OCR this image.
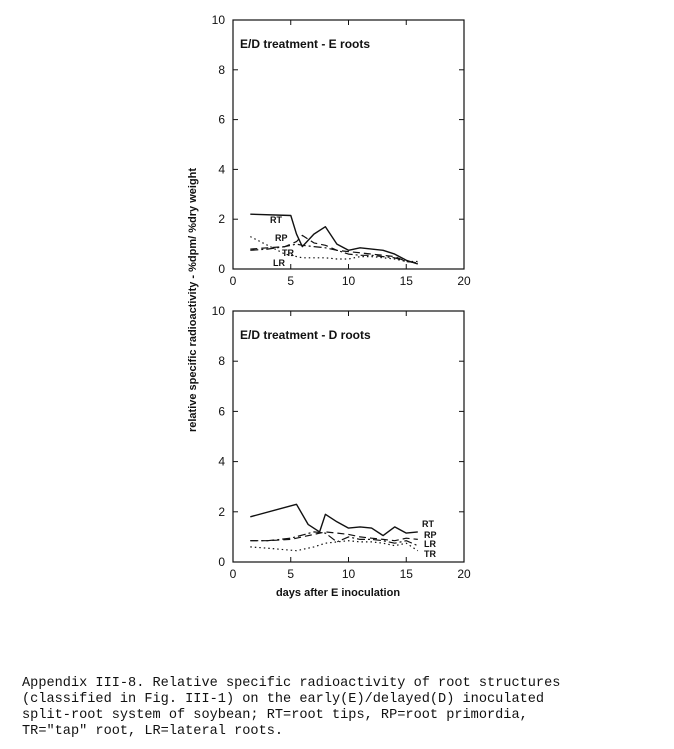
0	5	10	15	20
0
2
4
6
8
10
E/D treatment - E roots
RT
RP
TR
LR
0	5	10	15	20
0
2
4
6
8
10
E/D treatment - D roots
RT
RP
LR
TR
relative specific radioactivity - %dpm/ %dry weight
days after E inoculation

Appendix III-8. Relative specific radioactivity of root structures
(classified in Fig. III-1) on the early(E)/delayed(D) inoculated
split-root system of soybean; RT=root tips, RP=root primordia,
TR="tap" root, LR=lateral roots.
